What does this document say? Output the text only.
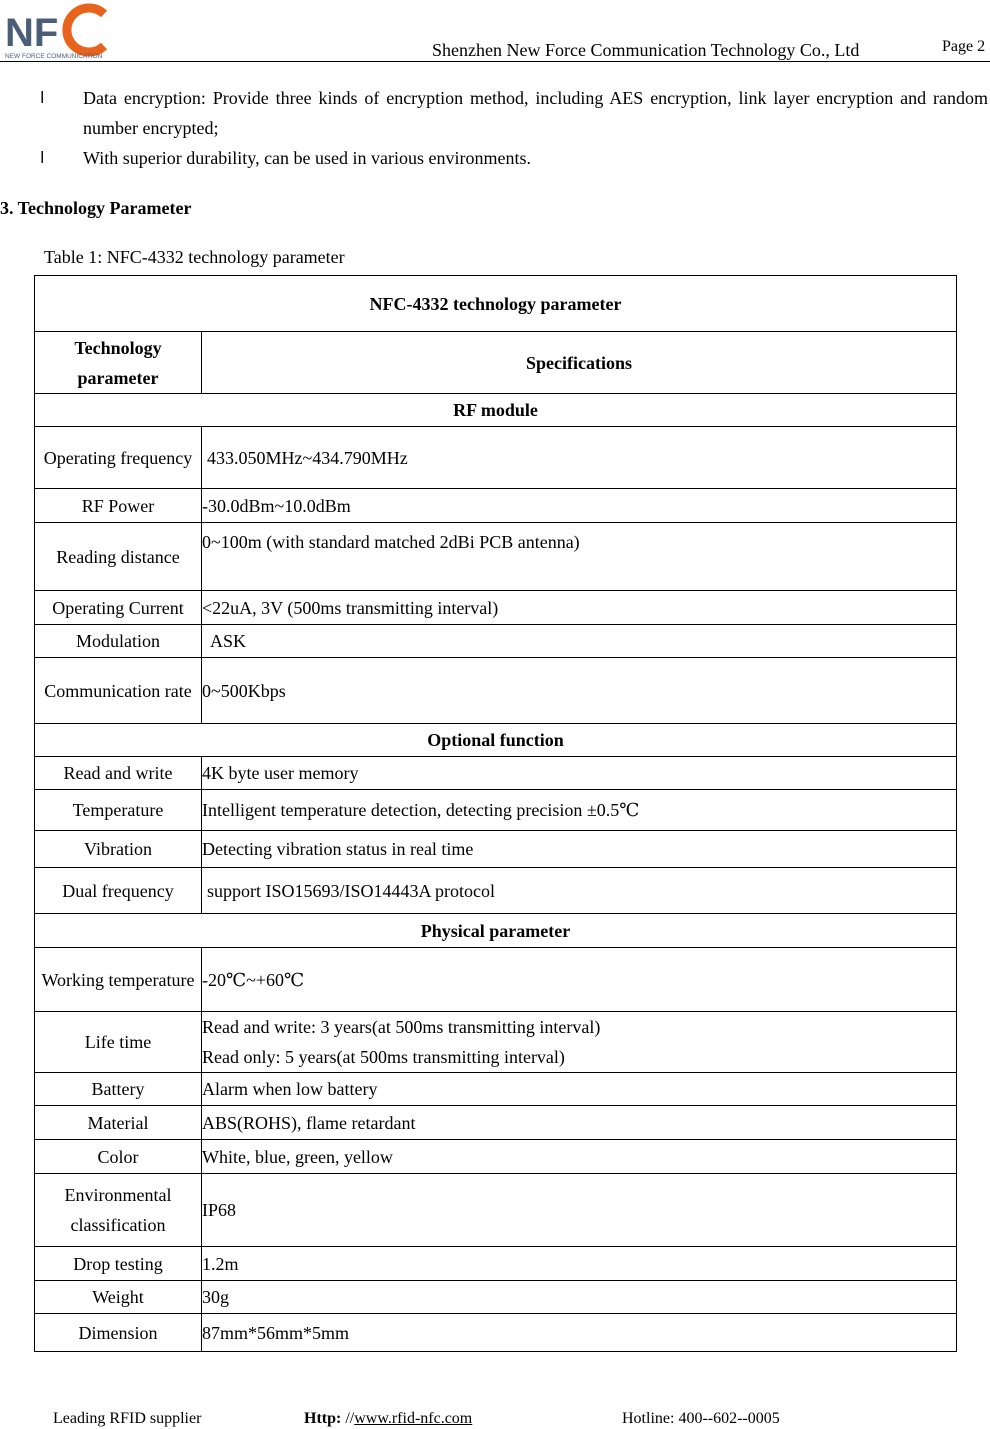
NF
NEW FORCE COMMUNICATION	Shenzhen New Force Communication Technology Co., Ltd	Page 2
l Data encryption: Provide three kinds of encryption method, including AES encryption, link layer encryption and random number encrypted;
l With superior durability, can be used in various environments.
3. Technology Parameter
Table 1: NFC-4332 technology parameter
NFC-4332 technology parameter	
Technology parameter	Specifications
RF module	
Operating frequency	433.050MHz~434.790MHz
RF Power	-30.0dBm~10.0dBm
Reading distance	0~100m (with standard matched 2dBi PCB antenna)
Operating Current	<22uA, 3V (500ms transmitting interval)
Modulation	ASK
Communication rate	0~500Kbps
Optional function	
Read and write	4K byte user memory
Temperature	Intelligent temperature detection, detecting precision ±0.5℃
Vibration	Detecting vibration status in real time
Dual frequency	support ISO15693/ISO14443A protocol
Physical parameter	
Working temperature	-20℃~+60℃
Life time	Read and write: 3 years(at 500ms transmitting interval)
Read only: 5 years(at 500ms transmitting interval)

Battery	Alarm when low battery
Material	ABS(ROHS), flame retardant
Color	White, blue, green, yellow
Environmental classification	IP68
Drop testing	1.2m
Weight	30g
Dimension	87mm*56mm*5mm
Leading RFID supplier	Http: //www.rfid-nfc.com	Hotline: 400--602--0005
